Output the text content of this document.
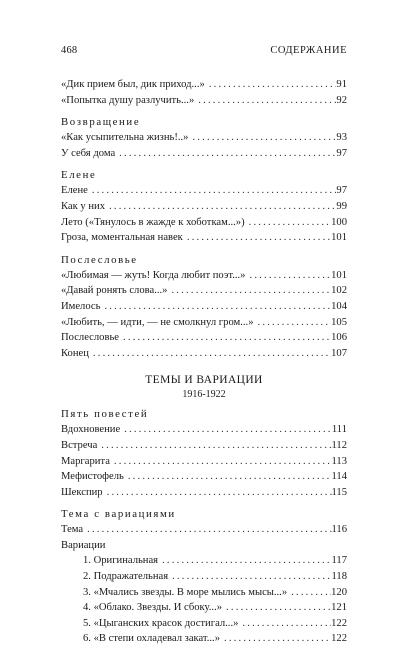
468	СОДЕРЖАНИЕ
«Дик прием был, дик приход...» .....	91
«Попытка душу разлучить...» .....	92
Возвращение
«Как усыпительна жизнь!..» .....	93
У себя дома .....	97
Елене
Елене .....	97
Как у них .....	99
Лето («Тянулось в жажде к хоботкам...») .....	100
Гроза, моментальная навек .....	101
Послесловье
«Любимая — жуть! Когда любит поэт...» .....	101
«Давай ронять слова...» .....	102
Имелось .....	104
«Любить, — идти, — не смолкнул гром...» .....	105
Послесловье .....	106
Конец .....	107
ТЕМЫ И ВАРИАЦИИ
1916-1922
Пять повестей
Вдохновение .....	111
Встреча .....	112
Маргарита .....	113
Мефистофель .....	114
Шекспир .....	115
Тема с вариациями
Тема .....	116
Вариации
1. Оригинальная .....	117
2. Подражательная .....	118
3. «Мчались звезды. В море мылись мысы...» .....	120
4. «Облако. Звезды. И сбоку...» .....	121
5. «Цыганских красок достигал...» .....	122
6. «В степи охладевал закат...» .....	122
